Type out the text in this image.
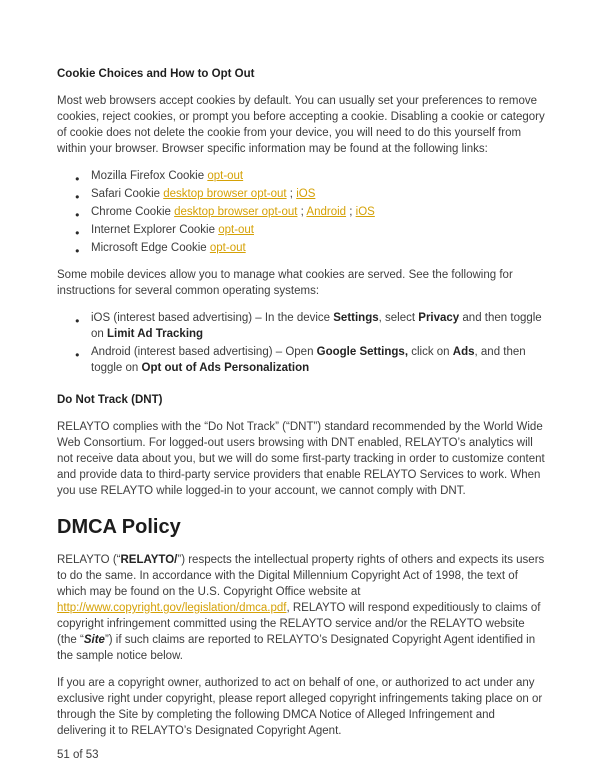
Cookie Choices and How to Opt Out

Most web browsers accept cookies by default. You can usually set your preferences to remove cookies, reject cookies, or prompt you before accepting a cookie. Disabling a cookie or category of cookie does not delete the cookie from your device, you will need to do this yourself from within your browser. Browser specific information may be found at the following links:

● Mozilla Firefox Cookie opt-out
● Safari Cookie desktop browser opt-out ; iOS
● Chrome Cookie desktop browser opt-out ; Android ; iOS
● Internet Explorer Cookie opt-out
● Microsoft Edge Cookie opt-out

Some mobile devices allow you to manage what cookies are served. See the following for instructions for several common operating systems:

● iOS (interest based advertising) – In the device Settings, select Privacy and then toggle on Limit Ad Tracking
● Android (interest based advertising) – Open Google Settings, click on Ads, and then toggle on Opt out of Ads Personalization
Do Not Track (DNT)

RELAYTO complies with the “Do Not Track” (“DNT”) standard recommended by the World Wide Web Consortium. For logged-out users browsing with DNT enabled, RELAYTO’s analytics will not receive data about you, but we will do some first-party tracking in order to customize content and provide data to third-party service providers that enable RELAYTO Services to work. When you use RELAYTO while logged-in to your account, we cannot comply with DNT.

DMCA Policy

RELAYTO (“RELAYTO/”) respects the intellectual property rights of others and expects its users to do the same. In accordance with the Digital Millennium Copyright Act of 1998, the text of which may be found on the U.S. Copyright Office website at http://www.copyright.gov/legislation/dmca.pdf, RELAYTO will respond expeditiously to claims of copyright infringement committed using the RELAYTO service and/or the RELAYTO website (the “Site”) if such claims are reported to RELAYTO’s Designated Copyright Agent identified in the sample notice below.

If you are a copyright owner, authorized to act on behalf of one, or authorized to act under any exclusive right under copyright, please report alleged copyright infringements taking place on or through the Site by completing the following DMCA Notice of Alleged Infringement and delivering it to RELAYTO’s Designated Copyright Agent.

51 of 53
